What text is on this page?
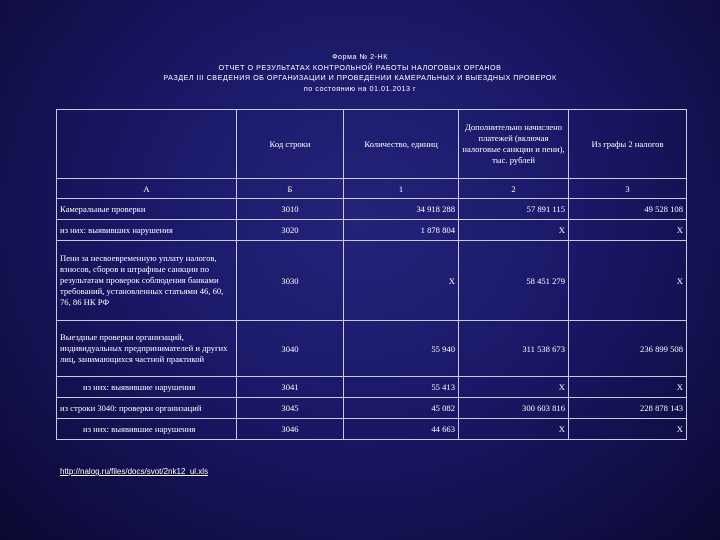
Форма № 2-НК
ОТЧЕТ О РЕЗУЛЬТАТАХ КОНТРОЛЬНОЙ РАБОТЫ НАЛОГОВЫХ ОРГАНОВ
РАЗДЕЛ III СВЕДЕНИЯ ОБ ОРГАНИЗАЦИИ И ПРОВЕДЕНИИ КАМЕРАЛЬНЫХ И ВЫЕЗДНЫХ ПРОВЕРОК
по состоянию на 01.01.2013 г
	Код строки	Количество, единиц	Дополнительно начислено платежей (включая налоговые санкции и пени), тыс. рублей	Из графы 2 налогов
А	Б	1	2	3
Камеральные проверки	3010	34 918 288	57 891 115	49 528 108
из них: выявивших нарушения	3020	1 878 804	Х	Х
Пени за несвоевременную уплату налогов, взносов, сборов и штрафные санкции по результатам проверок соблюдения банками требований, установленных статьями 46, 60, 76, 86 НК РФ	3030	Х	58 451 279	Х
Выездные проверки организаций, индивидуальных предпринимателей и других лиц, занимающихся частной практикой	3040	55 940	311 538 673	236 899 508
из них: выявившие нарушения	3041	55 413	Х	Х
из строки 3040: проверки организаций	3045	45 082	300 603 816	228 878 143
из них: выявившие нарушения	3046	44 663	Х	Х
http://nalog.ru/files/docs/svot/2nk12_ul.xls
